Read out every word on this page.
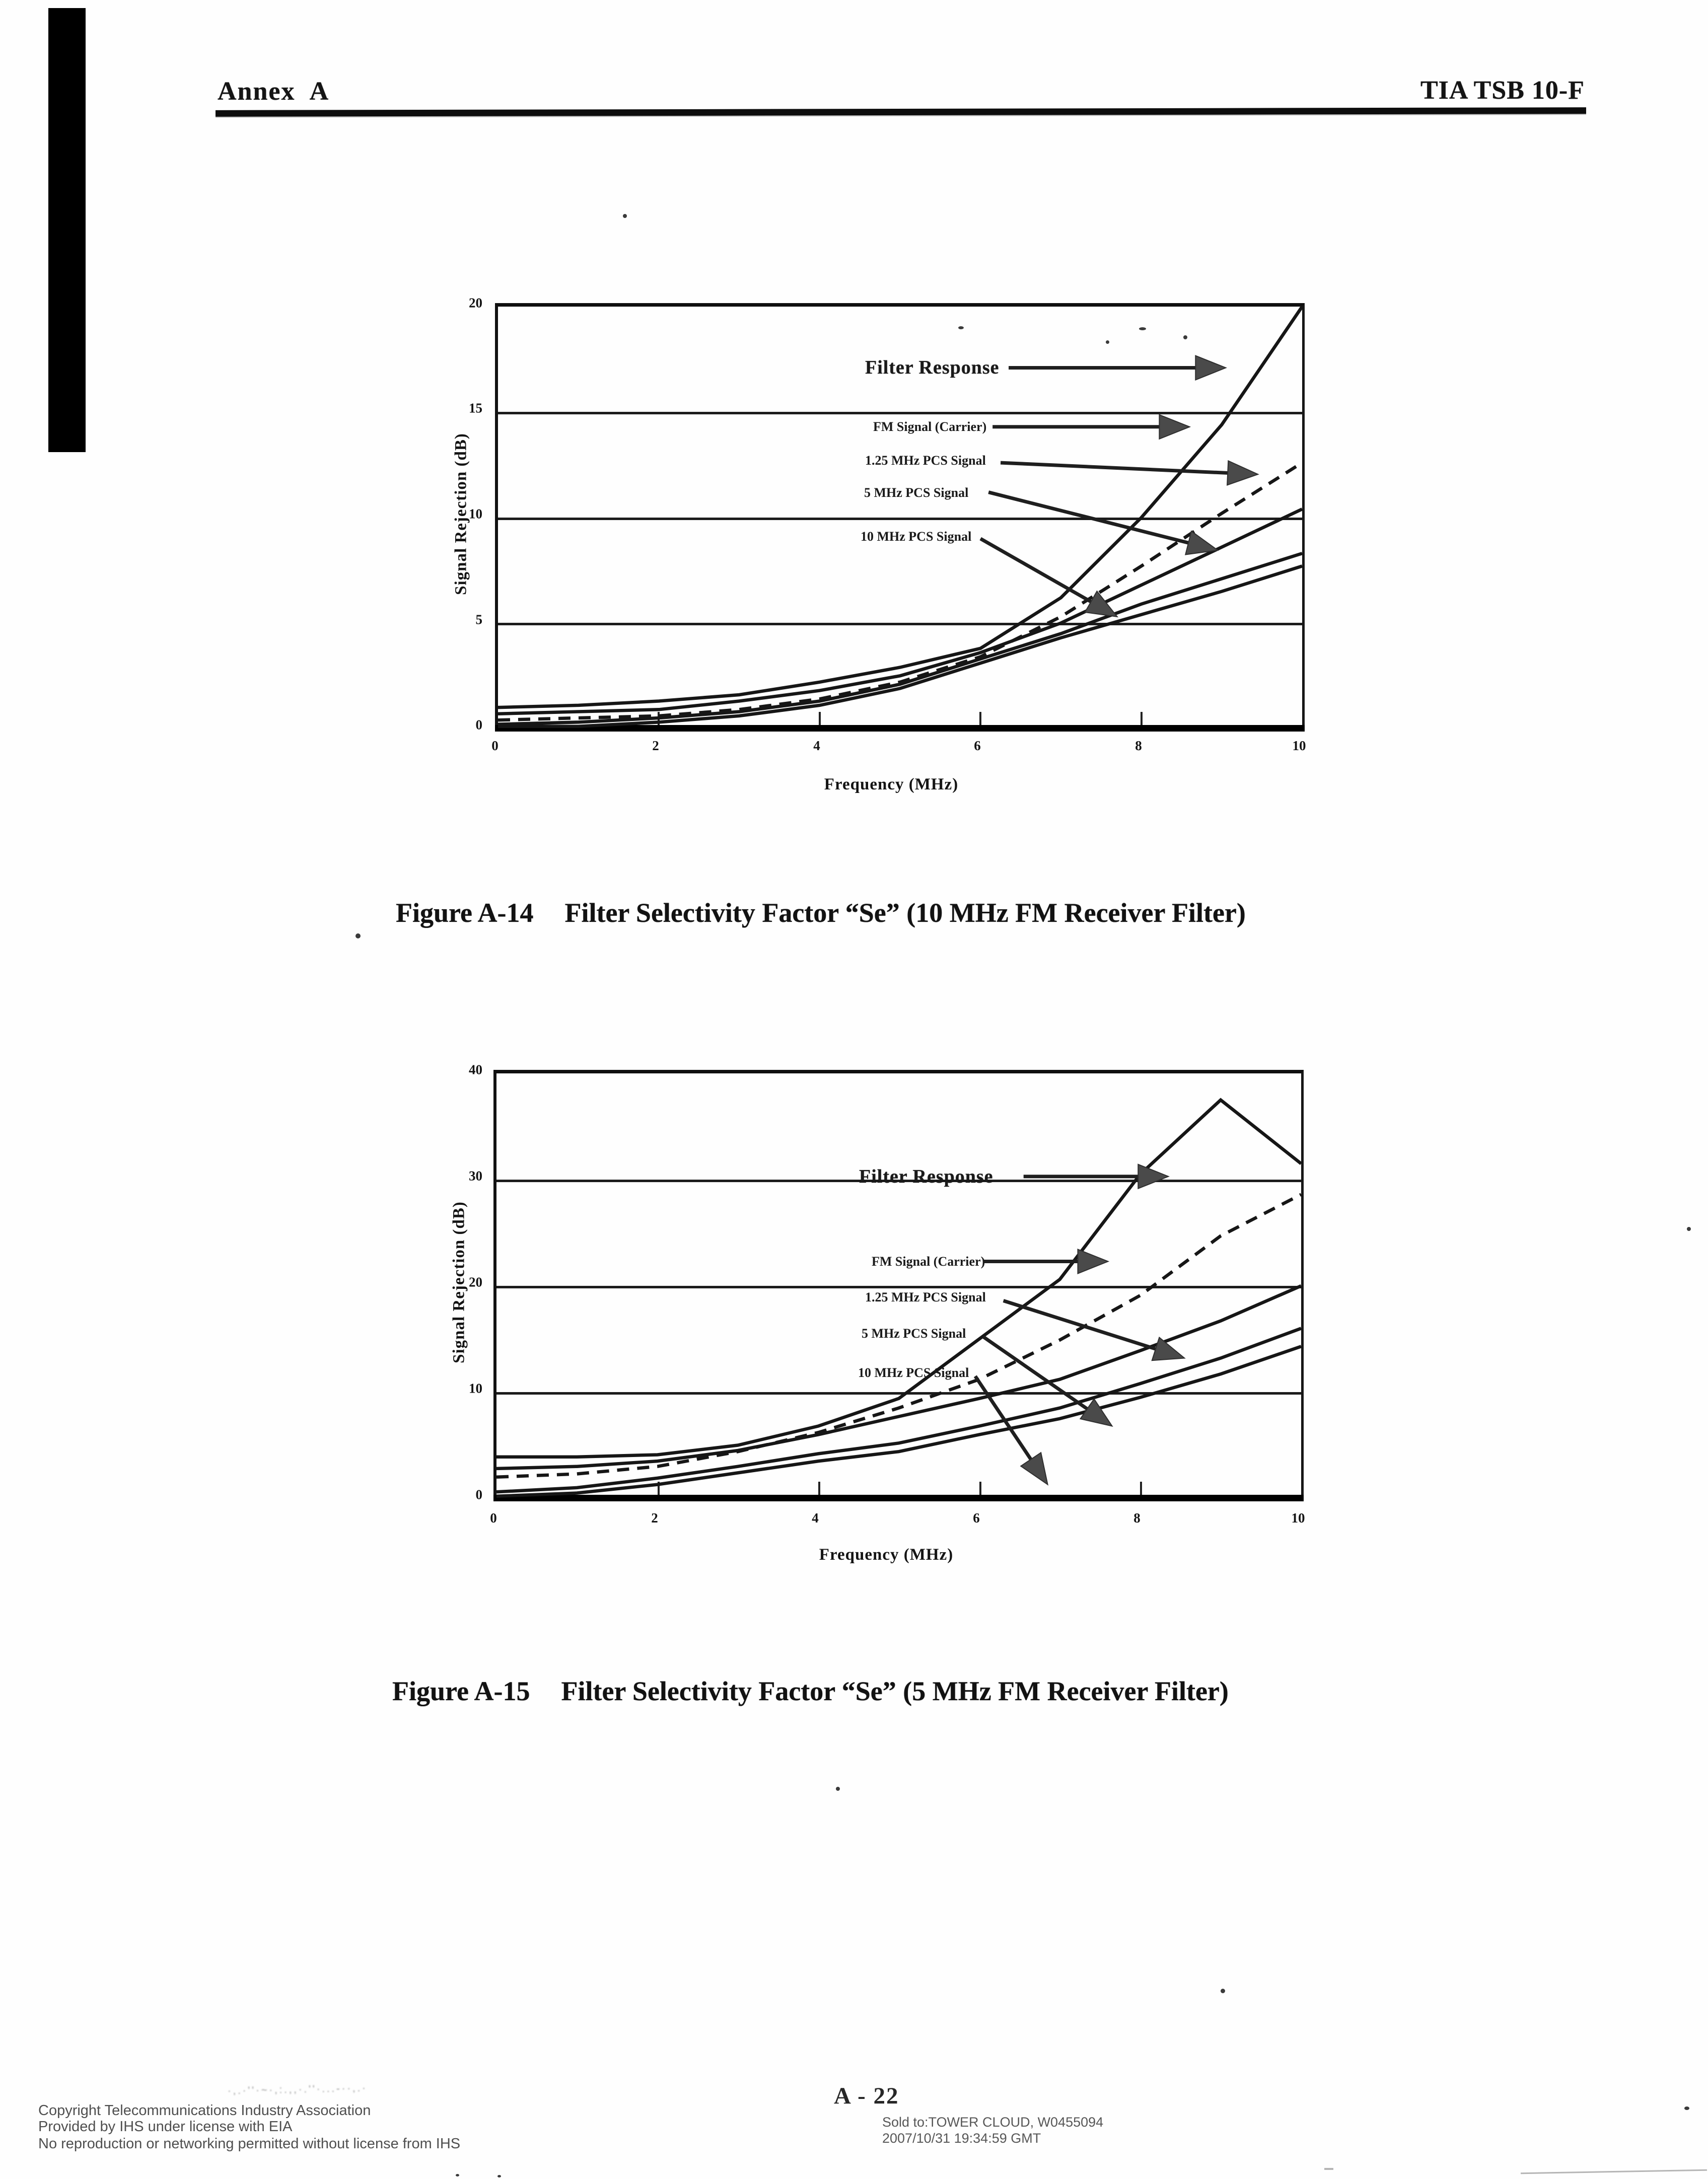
Annex A	TIA TSB 10-F
Signal Rejection (dB)
20
15
10
5
0
Filter Response
FM Signal (Carrier)
1.25 MHz PCS Signal
5 MHz PCS Signal
10 MHz PCS Signal
0	2	4	6	8	10
Frequency (MHz)
Figure A-14 Filter Selectivity Factor “Se” (10 MHz FM Receiver Filter)
Signal Rejection (dB)
40
30
20
10
0
Filter Response
FM Signal (Carrier)
1.25 MHz PCS Signal
5 MHz PCS Signal
10 MHz PCS Signal
0	2	4	6	8	10
Frequency (MHz)
Figure A-15 Filter Selectivity Factor “Se” (5 MHz FM Receiver Filter)
·,.·''·~·,:.,,·.''·...-··,.·
Copyright Telecommunications Industry Association
Provided by IHS under license with EIA
No reproduction or networking permitted without license from IHS
A - 22
Sold to:TOWER CLOUD, W0455094
2007/10/31 19:34:59 GMT
